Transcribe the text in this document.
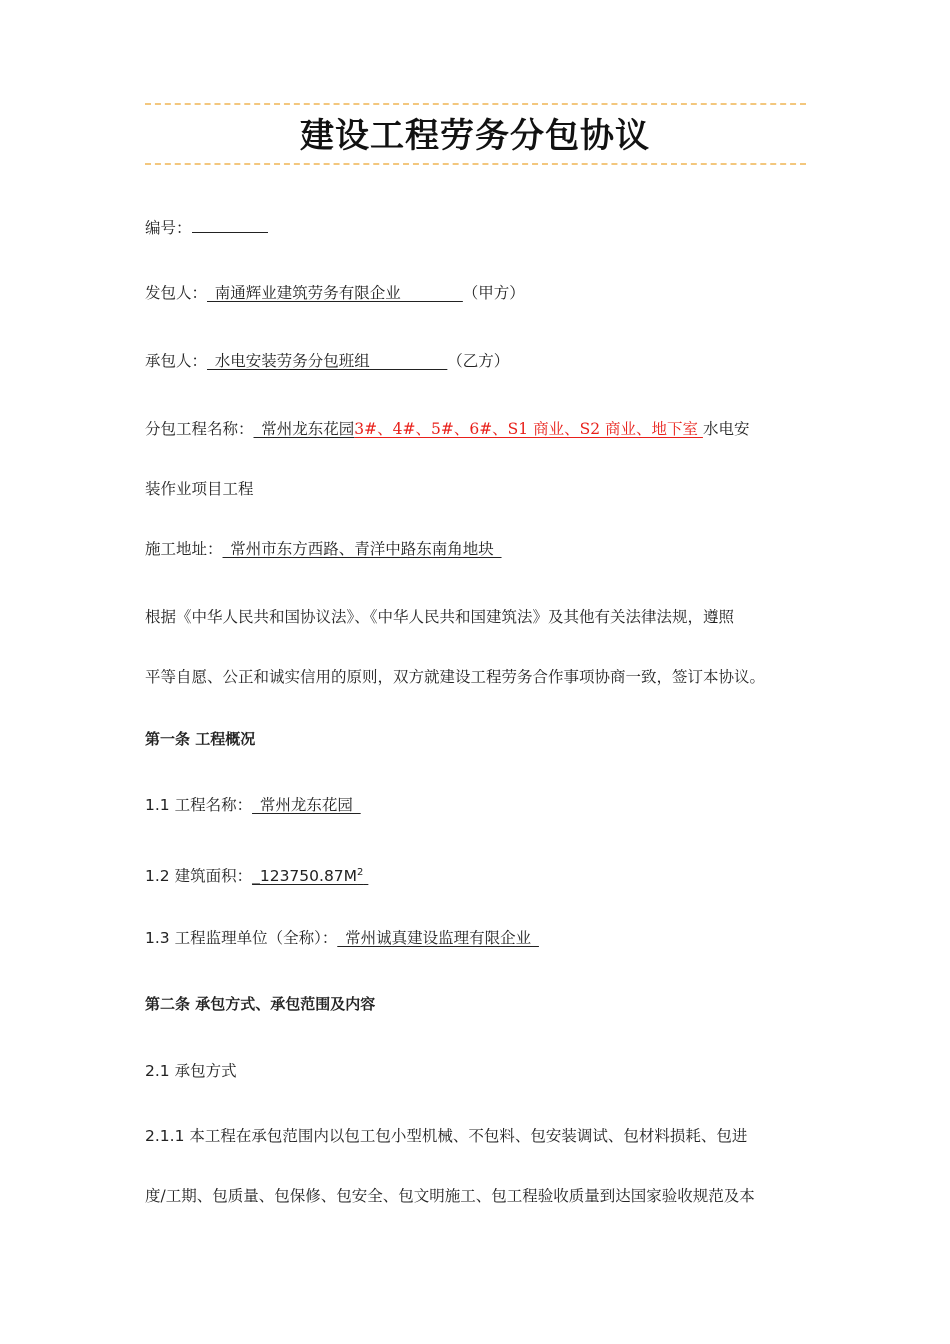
建设工程劳务分包协议
编号：
发包人：_南通辉业建筑劳务有限企业________（甲方）
承包人：_水电安装劳务分包班组__________（乙方）
分包工程名称：_常州龙东花园3#、4#、5#、6#、S1 商业、S2 商业、地下室 水电安
装作业项目工程
施工地址：_常州市东方西路、青洋中路东南角地块_
根据《中华人民共和国协议法》、《中华人民共和国建筑法》及其他有关法律法规，遵照
平等自愿、公正和诚实信用的原则，双方就建设工程劳务合作事项协商一致，签订本协议。
第一条 工程概况
1.1 工程名称：_常州龙东花园_
1.2 建筑面积：$\_123750.87M^2$
1.3 工程监理单位（全称）：_常州诚真建设监理有限企业_
第二条 承包方式、承包范围及内容
2.1 承包方式
2.1.1 本工程在承包范围内以包工包小型机械、不包料、包安装调试、包材料损耗、包进
度/工期、包质量、包保修、包安全、包文明施工、包工程验收质量到达国家验收规范及本
